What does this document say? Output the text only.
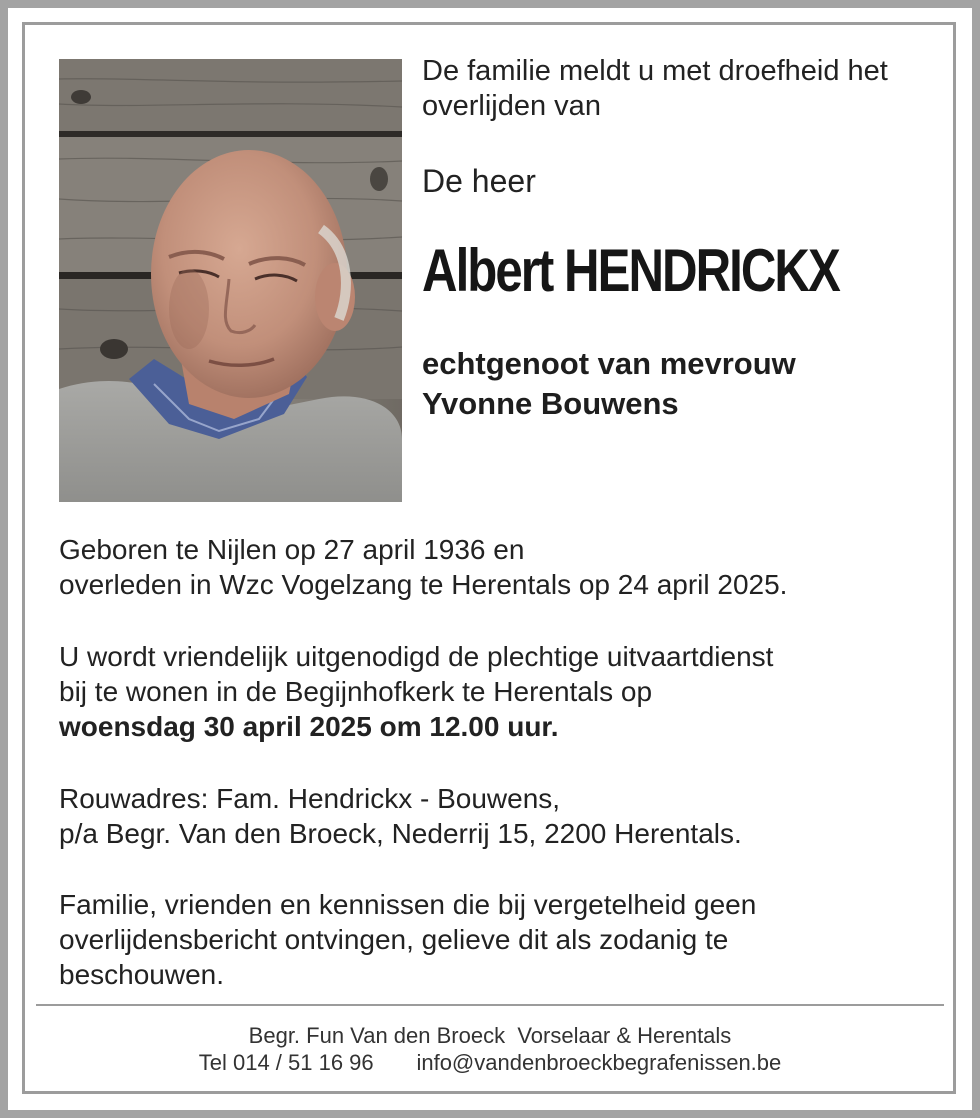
De familie meldt u met droefheid het overlijden van
De heer
Albert HENDRICKX
echtgenoot van mevrouw
Yvonne Bouwens
Geboren te Nijlen op 27 april 1936 en
overleden in Wzc Vogelzang te Herentals op 24 april 2025.
U wordt vriendelijk uitgenodigd de plechtige uitvaartdienst
bij te wonen in de Begijnhofkerk te Herentals op
woensdag 30 april 2025 om 12.00 uur.
Rouwadres: Fam. Hendrickx - Bouwens,
p/a Begr. Van den Broeck, Nederrij 15, 2200 Herentals.
Familie, vrienden en kennissen die bij vergetelheid geen
overlijdensbericht ontvingen, gelieve dit als zodanig te
beschouwen.
Begr. Fun Van den Broeck  Vorselaar & Herentals
Tel 014 / 51 16 96 info@vandenbroeckbegrafenissen.be
